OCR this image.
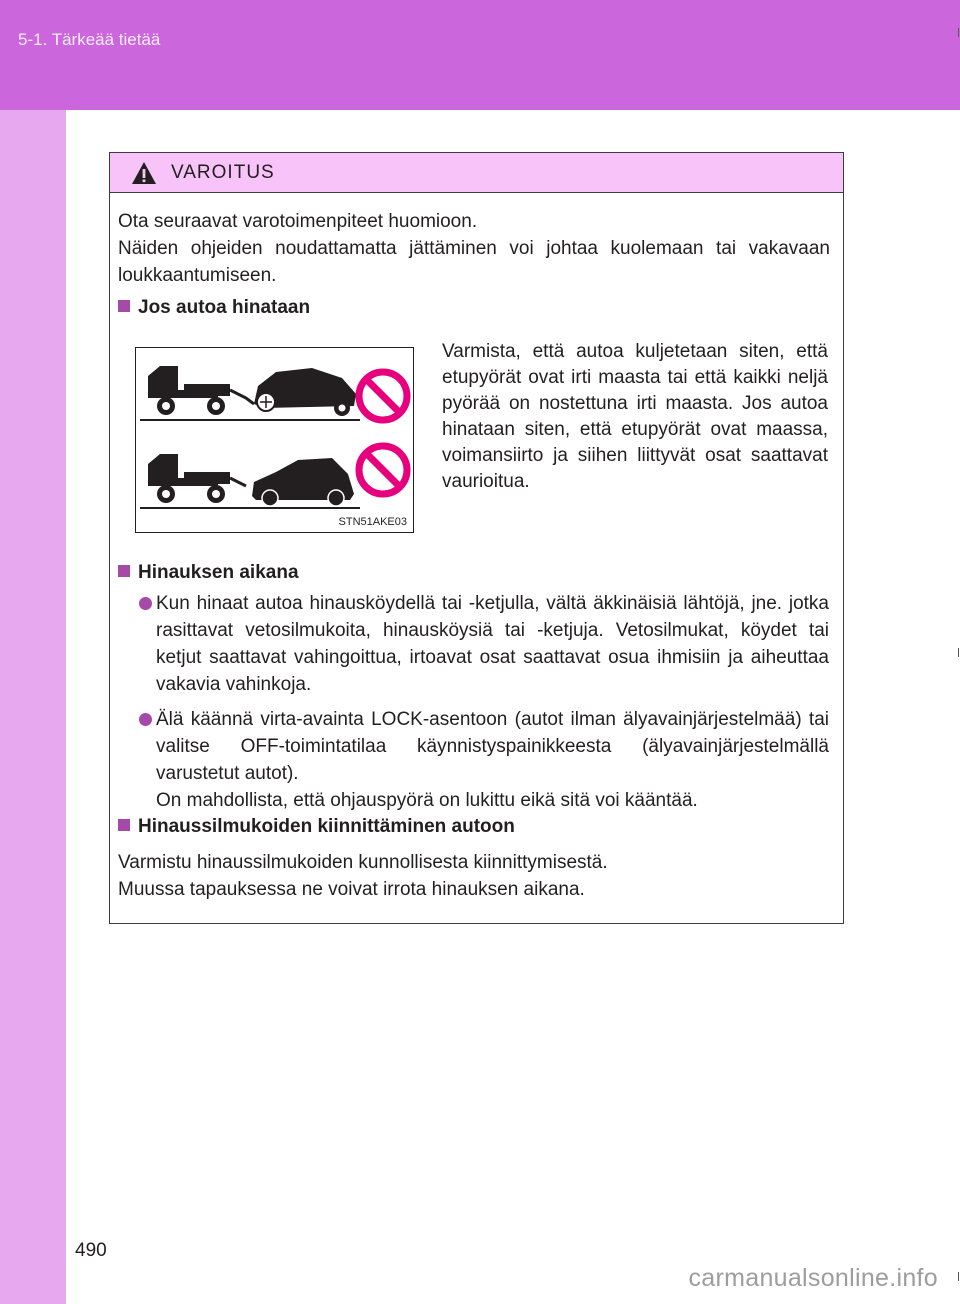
5-1. Tärkeää tietää
VAROITUS
Ota seuraavat varotoimenpiteet huomioon.
Näiden ohjeiden noudattamatta jättäminen voi johtaa kuolemaan tai vakavaan loukkaantumiseen.
Jos autoa hinataan
STN51AKE03
Varmista, että autoa kuljetetaan siten, että etupyörät ovat irti maasta tai että kaikki neljä pyörää on nostettuna irti maasta. Jos autoa hinataan siten, että etupyörät ovat maassa, voimansiirto ja siihen liittyvät osat saattavat vaurioitua.
Hinauksen aikana
Kun hinaat autoa hinausköydellä tai -ketjulla, vältä äkkinäisiä lähtöjä, jne. jotka rasittavat vetosilmukoita, hinausköysiä tai -ketjuja. Vetosilmukat, köydet tai ketjut saattavat vahingoittua, irtoavat osat saattavat osua ihmisiin ja aiheuttaa vakavia vahinkoja.
Älä käännä virta-avainta LOCK-asentoon (autot ilman älyavainjärjestelmää) tai valitse OFF-toimintatilaa käynnistyspainikkeesta (älyavainjärjestelmällä varustetut autot).
On mahdollista, että ohjauspyörä on lukittu eikä sitä voi kääntää.
Hinaussilmukoiden kiinnittäminen autoon
Varmistu hinaussilmukoiden kunnollisesta kiinnittymisestä.
Muussa tapauksessa ne voivat irrota hinauksen aikana.
490
carmanualsonline.info
